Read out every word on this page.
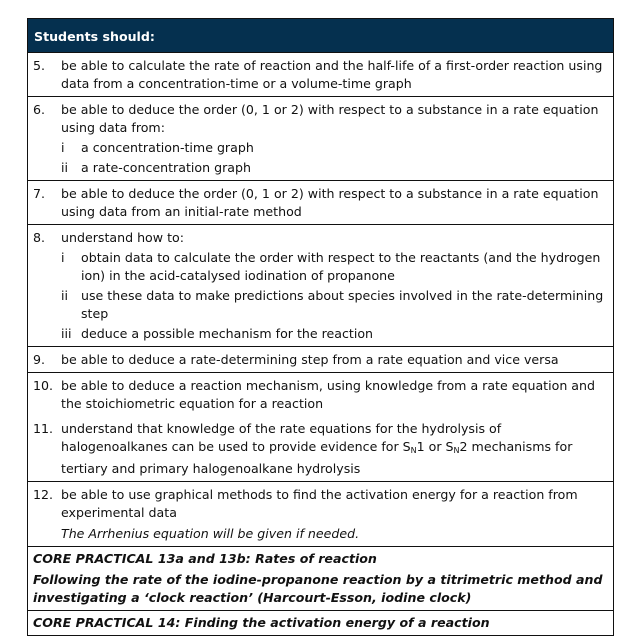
Students should:
5.	be able to calculate the rate of reaction and the half-life of a first-order reaction using data from a concentration-time or a volume-time graph
6.	be able to deduce the order (0, 1 or 2) with respect to a substance in a rate equation using data from:
i	a concentration-time graph
ii	a rate-concentration graph
7.	be able to deduce the order (0, 1 or 2) with respect to a substance in a rate equation using data from an initial-rate method
8.	understand how to:
i	obtain data to calculate the order with respect to the reactants (and the hydrogen ion) in the acid-catalysed iodination of propanone
ii	use these data to make predictions about species involved in the rate-determining step
iii deduce a possible mechanism for the reaction
9.	be able to deduce a rate-determining step from a rate equation and vice versa
10. be able to deduce a reaction mechanism, using knowledge from a rate equation and the stoichiometric equation for a reaction
11. understand that knowledge of the rate equations for the hydrolysis of halogenoalkanes can be used to provide evidence for $S_N1$ or $S_N2$ mechanisms for tertiary and primary halogenoalkane hydrolysis
12. be able to use graphical methods to find the activation energy for a reaction from experimental data
The Arrhenius equation will be given if needed.

CORE PRACTICAL 13a and 13b: Rates of reaction

Following the rate of the iodine-propanone reaction by a titrimetric method and investigating a ‘clock reaction’ (Harcourt-Esson, iodine clock)

CORE PRACTICAL 14: Finding the activation energy of a reaction
